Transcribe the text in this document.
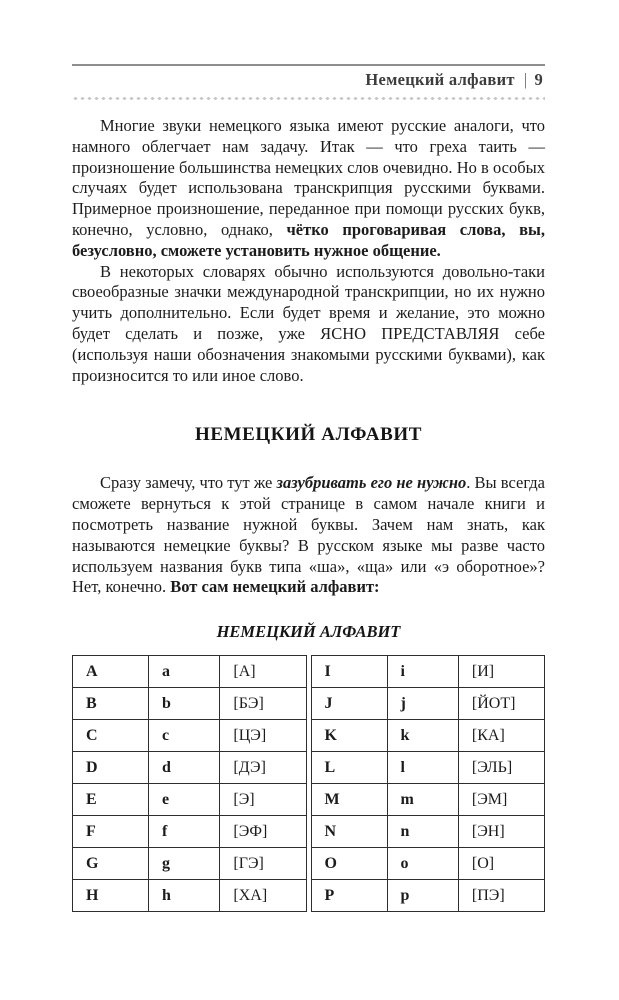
Немецкий алфавит | 9

Многие звуки немецкого языка имеют русские аналоги, что намного облегчает нам задачу. Итак — что греха таить — произношение большинства немецких слов очевидно. Но в особых случаях будет использована транскрипция русскими буквами. Примерное произношение, переданное при помощи русских букв, конечно, условно, однако, чётко проговаривая слова, вы, безусловно, сможете установить нужное общение.

В некоторых словарях обычно используются довольно-таки своеобразные значки международной транскрипции, но их нужно учить дополнительно. Если будет время и желание, это можно будет сделать и позже, уже ЯСНО ПРЕДСТАВЛЯЯ себе (используя наши обозначения знакомыми русскими буквами), как произносится то или иное слово.

НЕМЕЦКИЙ АЛФАВИТ

Сразу замечу, что тут же зазубривать его не нужно. Вы всегда сможете вернуться к этой странице в самом начале книги и посмотреть название нужной буквы. Зачем нам знать, как называются немецкие буквы? В русском языке мы разве часто используем названия букв типа «ша», «ща» или «э оборотное»? Нет, конечно. Вот сам немецкий алфавит:

НЕМЕЦКИЙ АЛФАВИТ
A	a	[А]
B	b	[БЭ]
C	c	[ЦЭ]
D	d	[ДЭ]
E	e	[Э]
F	f	[ЭФ]
G	g	[ГЭ]
H	h	[ХА]
I	i	[И]
J	j	[ЙОТ]
K	k	[КА]
L	l	[ЭЛЬ]
M	m	[ЭМ]
N	n	[ЭН]
O	o	[О]
P	p	[ПЭ]
